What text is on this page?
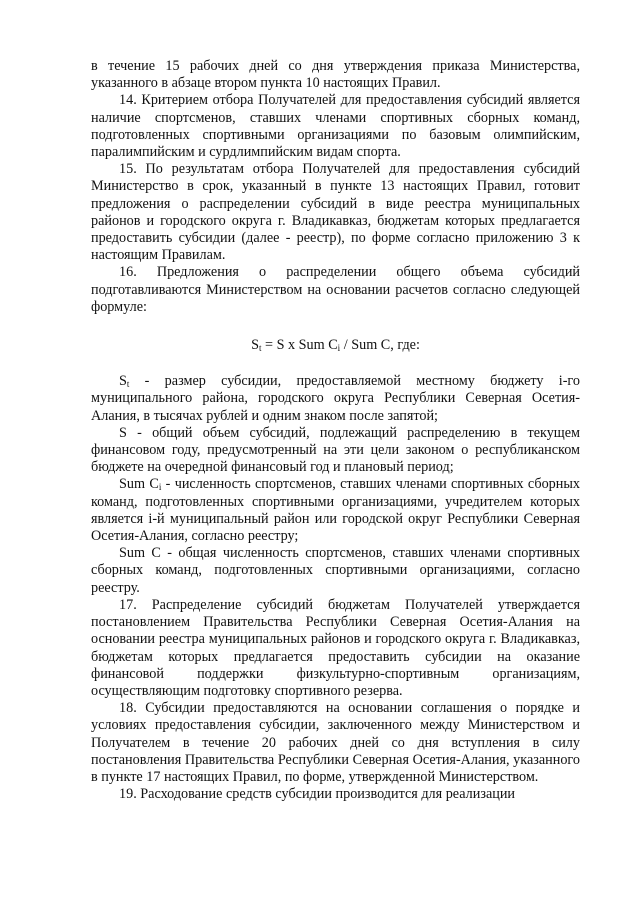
в течение 15 рабочих дней со дня утверждения приказа Министерства, указанного в абзаце втором пункта 10 настоящих Правил.

14. Критерием отбора Получателей для предоставления субсидий является наличие спортсменов, ставших членами спортивных сборных команд, подготовленных спортивными организациями по базовым олимпийским, паралимпийским и сурдлимпийским видам спорта.

15. По результатам отбора Получателей для предоставления субсидий Министерство в срок, указанный в пункте 13 настоящих Правил, готовит предложения о распределении субсидий в виде реестра муниципальных районов и городского округа г. Владикавказ, бюджетам которых предлагается предоставить субсидии (далее - реестр), по форме согласно приложению 3 к настоящим Правилам.

16. Предложения о распределении общего объема субсидий подготавливаются Министерством на основании расчетов согласно следующей формуле:

$S_t = S$ x Sum $C_i$ / Sum C, где:

$S_t$ - размер субсидии, предоставляемой местному бюджету i-го муниципального района, городского округа Республики Северная Осетия-Алания, в тысячах рублей и одним знаком после запятой;

S - общий объем субсидий, подлежащий распределению в текущем финансовом году, предусмотренный на эти цели законом о республиканском бюджете на очередной финансовый год и плановый период;

Sum $C_i$ - численность спортсменов, ставших членами спортивных сборных команд, подготовленных спортивными организациями, учредителем которых является i-й муниципальный район или городской округ Республики Северная Осетия-Алания, согласно реестру;

Sum C - общая численность спортсменов, ставших членами спортивных сборных команд, подготовленных спортивными организациями, согласно реестру.

17. Распределение субсидий бюджетам Получателей утверждается постановлением Правительства Республики Северная Осетия-Алания на основании реестра муниципальных районов и городского округа г. Владикавказ, бюджетам которых предлагается предоставить субсидии на оказание финансовой поддержки физкультурно-спортивным организациям, осуществляющим подготовку спортивного резерва.

18. Субсидии предоставляются на основании соглашения о порядке и условиях предоставления субсидии, заключенного между Министерством и Получателем в течение 20 рабочих дней со дня вступления в силу постановления Правительства Республики Северная Осетия-Алания, указанного в пункте 17 настоящих Правил, по форме, утвержденной Министерством.

19. Расходование средств субсидии производится для реализации
